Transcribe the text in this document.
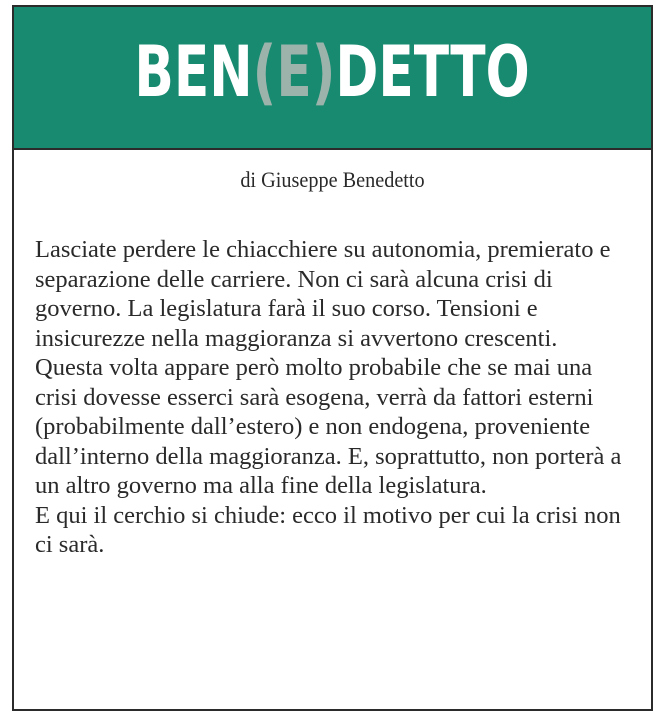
BEN(E)DETTO
di Giuseppe Benedetto

Lasciate perdere le chiacchiere su autonomia, premierato e separazione delle carriere. Non ci sarà alcuna crisi di governo. La legislatura farà il suo corso. Tensioni e insicurezze nella maggioranza si avvertono crescenti.

Questa volta appare però molto probabile che se mai una crisi dovesse esserci sarà esogena, verrà da fattori esterni (probabilmente dall’estero) e non endogena, proveniente dall’interno della maggioranza. E, soprattutto, non porterà a un altro governo ma alla fine della legislatura.

E qui il cerchio si chiude: ecco il motivo per cui la crisi non ci sarà.
